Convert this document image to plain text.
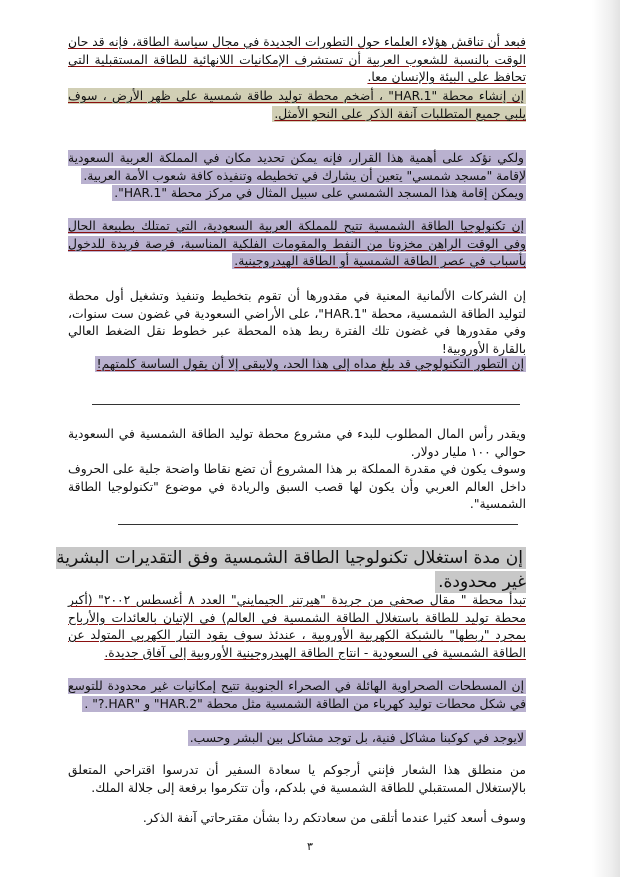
فبعد أن تناقش هؤلاء العلماء حول التطورات الجديدة في مجال سياسة الطاقة، فإنه قد حان الوقت بالنسبة للشعوب العربية أن تستشرف الإمكانيات اللانهائية للطاقة المستقبلية التي تحافظ على البيئة والإنسان معا.

إن إنشاء محطة "HAR.1" ، أضخم محطة توليد طاقة شمسية على ظهر الأرض ، سوف يلبي جميع المتطلبات آنفة الذكر على النحو الأمثل.

ولكي نؤكد على أهمية هذا القرار، فإنه يمكن تحديد مكان في المملكة العربية السعودية لإقامة "مسجد شمسي" يتعين أن يشارك في تخطيطه وتنفيذه كافة شعوب الأمة العربية.

ويمكن إقامة هذا المسجد الشمسي على سبيل المثال في مركز محطة "HAR.1".

إن تكنولوجيا الطاقة الشمسية تتيح للمملكة العربية السعودية، التي تمتلك بطبيعة الحال وفي الوقت الراهن مخزونا من النفط والمقومات الفلكية المناسبة، فرصة فريدة للدخول بأسباب في عصر الطاقة الشمسية أو الطاقة الهيدروجينية.

إن الشركات الألمانية المعنية في مقدورها أن تقوم بتخطيط وتنفيذ وتشغيل أول محطة لتوليد الطاقة الشمسية، محطة "HAR.1"، على الأراضي السعودية في غضون ست سنوات، وفي مقدورها في غضون تلك الفترة ربط هذه المحطة عبر خطوط نقل الضغط العالي بالقارة الأوروبية!

إن التطور التكنولوجي قد بلغ مداه إلى هذا الحد، ولايبقى إلا أن يقول الساسة كلمتهم!

ويقدر رأس المال المطلوب للبدء في مشروع محطة توليد الطاقة الشمسية في السعودية حوالي ١٠٠ مليار دولار.

وسوف يكون في مقدرة المملكة بر هذا المشروع أن تضع نقاطا واضحة جلية على الحروف داخل العالم العربي وأن يكون لها قصب السبق والريادة في موضوع "تكنولوجيا الطاقة الشمسية".

إن مدة استغلال تكنولوجيا الطاقة الشمسية وفق التقديرات البشرية غير محدودة.

تبدأ محطة " مقال صحفي من جريدة "هيرتنر الجيمايني" العدد ٨ أغسطس ٢٠٠٢" (أكبر محطة توليد للطاقة باستغلال الطاقة الشمسية في العالم) في الإتيان بالعائدات والأرباح بمجرد "ربطها" بالشبكة الكهربية الأوروبية ، عندئذ سوف يقود التيار الكهربي المتولد عن الطاقة الشمسية في السعودية - انتاج الطاقة الهيدروجينية الأوروبية إلى آفاق جديدة.

إن المسطحات الصحراوية الهائلة في الصحراء الجنوبية تتيح إمكانيات غير محدودة للتوسع في شكل محطات توليد كهرباء من الطاقة الشمسية مثل محطة "HAR.2" و "HAR.?" .

لايوجد في كوكبنا مشاكل فنية، بل توجد مشاكل بين البشر وحسب.

من منطلق هذا الشعار فإنني أرجوكم يا سعادة السفير أن تدرسوا اقتراحي المتعلق بالإستغلال المستقبلي للطاقة الشمسية في بلدكم، وأن تتكرموا برفعة إلى جلالة الملك.

وسوف أسعد كثيرا عندما أتلقى من سعادتكم ردا بشأن مقترحاتي آنفة الذكر.

٣
